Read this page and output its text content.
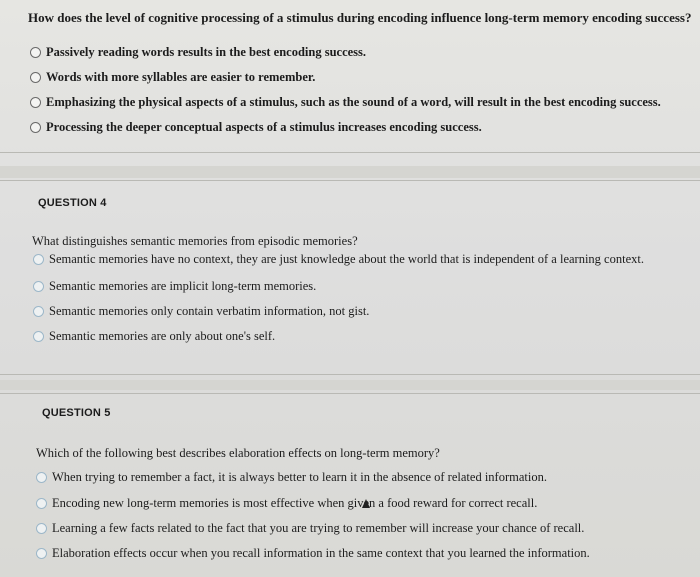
How does the level of cognitive processing of a stimulus during encoding influence long-term memory encoding success?
Passively reading words results in the best encoding success.
Words with more syllables are easier to remember.
Emphasizing the physical aspects of a stimulus, such as the sound of a word, will result in the best encoding success.
Processing the deeper conceptual aspects of a stimulus increases encoding success.
QUESTION 4
What distinguishes semantic memories from episodic memories?
Semantic memories have no context, they are just knowledge about the world that is independent of a learning context.
Semantic memories are implicit long-term memories.
Semantic memories only contain verbatim information, not gist.
Semantic memories are only about one's self.
QUESTION 5
Which of the following best describes elaboration effects on long-term memory?
When trying to remember a fact, it is always better to learn it in the absence of related information.
Encoding new long-term memories is most effective when given a food reward for correct recall.
Learning a few facts related to the fact that you are trying to remember will increase your chance of recall.
Elaboration effects occur when you recall information in the same context that you learned the information.
